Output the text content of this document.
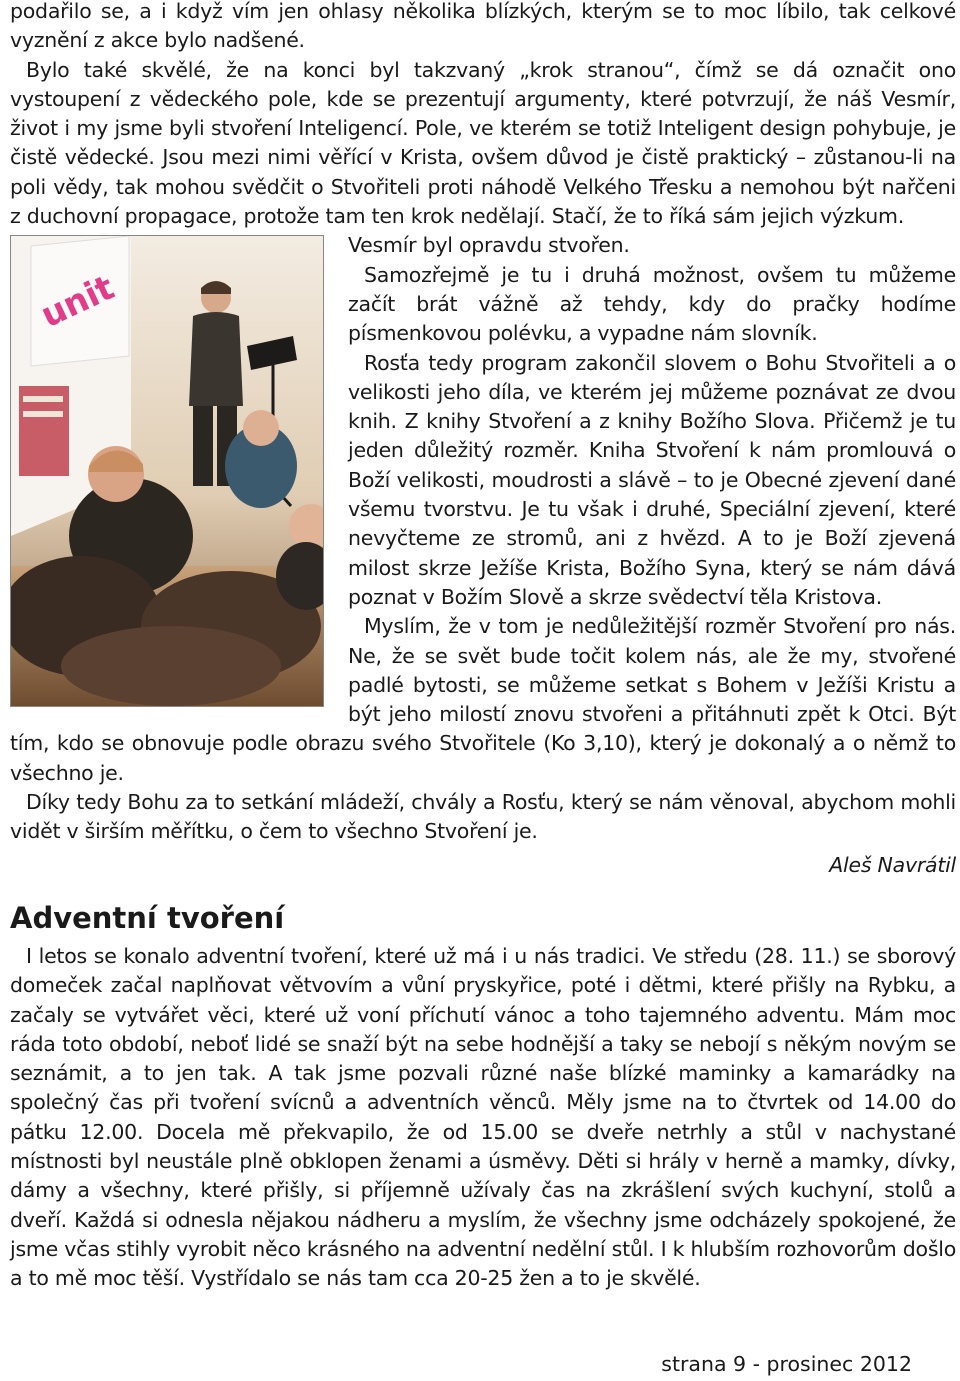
podařilo se, a i když vím jen ohlasy několika blízkých, kterým se to moc líbilo, tak celkové vyznění z akce bylo nadšené.

Bylo také skvělé, že na konci byl takzvaný „krok stranou“, čímž se dá označit ono vystoupení z vědeckého pole, kde se prezentují argumenty, které potvrzují, že náš Vesmír, život i my jsme byli stvoření Inteligencí. Pole, ve kterém se totiž Inteligent design pohybuje, je čistě vědecké. Jsou mezi nimi věřící v Krista, ovšem důvod je čistě praktický – zůstanou-li na poli vědy, tak mohou svědčit o Stvořiteli proti náhodě Velkého Třesku a nemohou být nařčeni z duchovní propagace, protože tam ten krok nedělají. Stačí, že to říká sám jejich výzkum.

unit

Vesmír byl opravdu stvořen.

Samozřejmě je tu i druhá možnost, ovšem tu můžeme začít brát vážně až tehdy, kdy do pračky hodíme písmenkovou polévku, a vypadne nám slovník.

Rosťa tedy program zakončil slovem o Bohu Stvořiteli a o velikosti jeho díla, ve kterém jej můžeme poznávat ze dvou knih. Z knihy Stvoření a z knihy Božího Slova. Přičemž je tu jeden důležitý rozměr. Kniha Stvoření k nám promlouvá o Boží velikosti, moudrosti a slávě – to je Obecné zjevení dané všemu tvorstvu. Je tu však i druhé, Speciální zjevení, které nevyčteme ze stromů, ani z hvězd. A to je Boží zjevená milost skrze Ježíše Krista, Božího Syna, který se nám dává poznat v Božím Slově a skrze svědectví těla Kristova.

Myslím, že v tom je nedůležitější rozměr Stvoření pro nás. Ne, že se svět bude točit kolem nás, ale že my, stvořené padlé bytosti, se můžeme setkat s Bohem v Ježíši Kristu a být jeho milostí znovu stvořeni a přitáhnuti zpět k Otci. Být tím, kdo se obnovuje podle obrazu svého Stvořitele (Ko 3,10), který je dokonalý a o němž to všechno je.

Díky tedy Bohu za to setkání mládeží, chvály a Rosťu, který se nám věnoval, abychom mohli vidět v širším měřítku, o čem to všechno Stvoření je.

Aleš Navrátil

Adventní tvoření

I letos se konalo adventní tvoření, které už má i u nás tradici. Ve středu (28. 11.) se sborový domeček začal naplňovat větvovím a vůní pryskyřice, poté i dětmi, které přišly na Rybku, a začaly se vytvářet věci, které už voní příchutí vánoc a toho tajemného adventu. Mám moc ráda toto období, neboť lidé se snaží být na sebe hodnější a taky se nebojí s někým novým se seznámit, a to jen tak. A tak jsme pozvali různé naše blízké maminky a kamarádky na společný čas při tvoření svícnů a adventních věnců. Měly jsme na to čtvrtek od 14.00 do pátku 12.00. Docela mě překvapilo, že od 15.00 se dveře netrhly a stůl v nachystané místnosti byl neustále plně obklopen ženami a úsměvy. Děti si hrály v herně a mamky, dívky, dámy a všechny, které přišly, si příjemně užívaly čas na zkrášlení svých kuchyní, stolů a dveří. Každá si odnesla nějakou nádheru a myslím, že všechny jsme odcházely spokojené, že jsme včas stihly vyrobit něco krásného na adventní nedělní stůl. I k hlubším rozhovorům došlo a to mě moc těší. Vystřídalo se nás tam cca 20-25 žen a to je skvělé.

strana 9 - prosinec 2012
